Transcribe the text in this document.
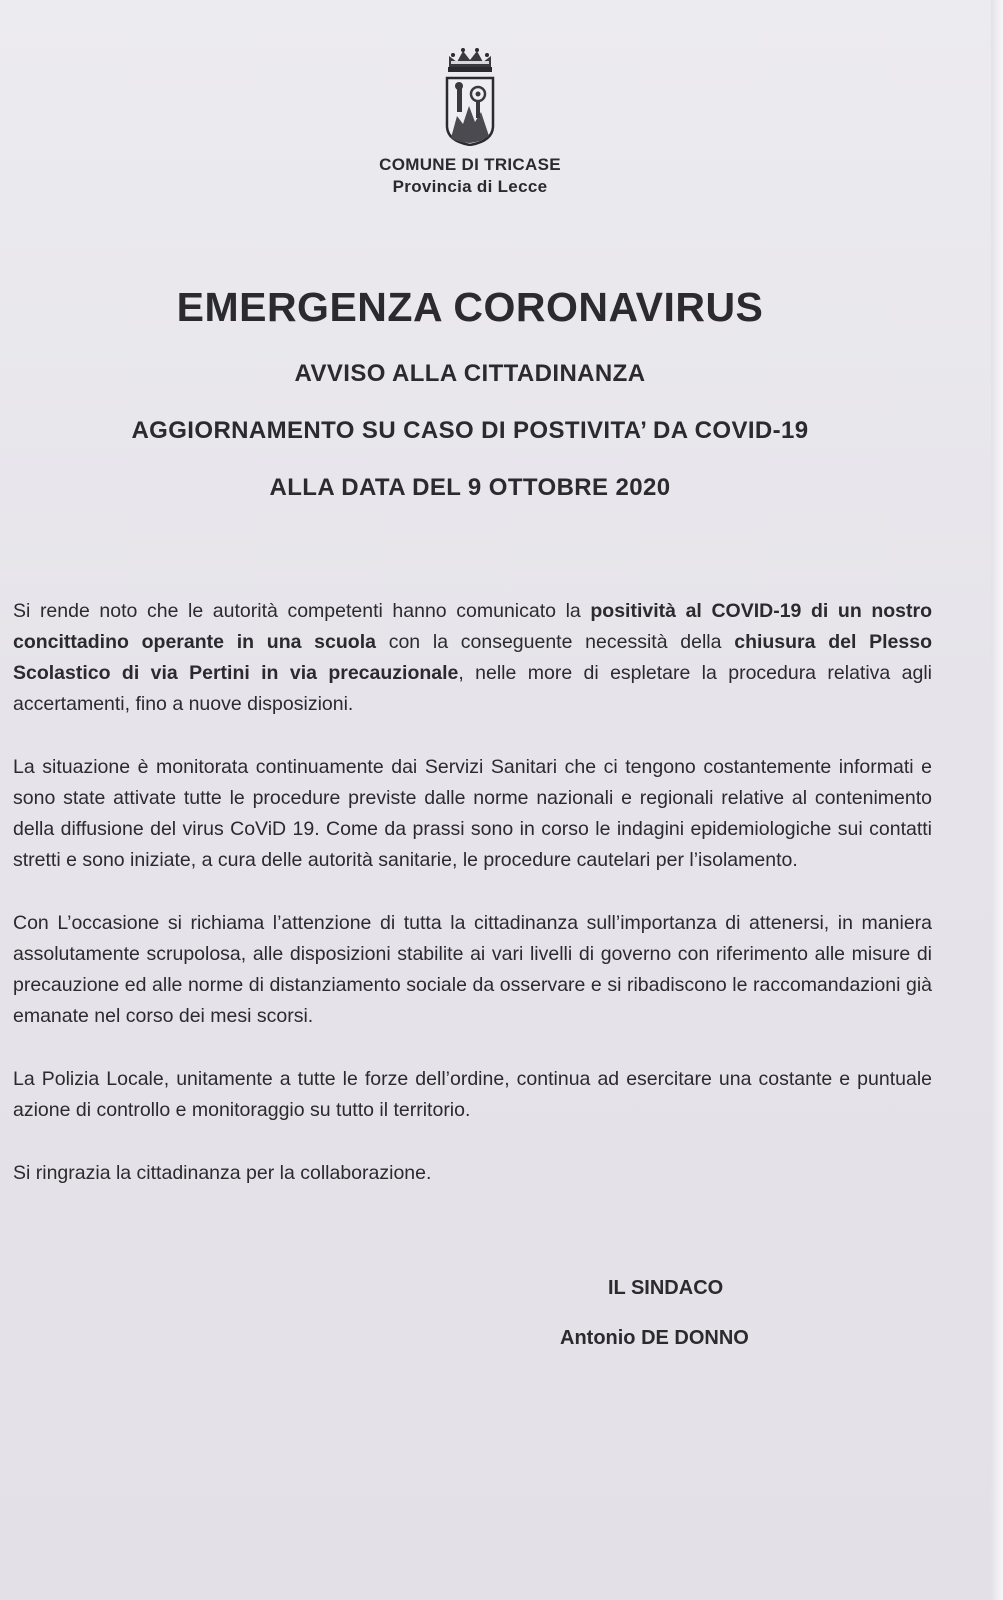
COMUNE DI TRICASE
Provincia di Lecce
EMERGENZA CORONAVIRUS
AVVISO ALLA CITTADINANZA
AGGIORNAMENTO SU CASO DI POSTIVITA’ DA COVID-19
ALLA DATA DEL 9 OTTOBRE 2020

Si rende noto che le autorità competenti hanno comunicato la positività al COVID-19 di un nostro concittadino operante in una scuola con la conseguente necessità della chiusura del Plesso Scolastico di via Pertini in via precauzionale, nelle more di espletare la procedura relativa agli accertamenti, fino a nuove disposizioni.

La situazione è monitorata continuamente dai Servizi Sanitari che ci tengono costantemente informati e sono state attivate tutte le procedure previste dalle norme nazionali e regionali relative al contenimento della diffusione del virus CoViD 19. Come da prassi sono in corso le indagini epidemiologiche sui contatti stretti e sono iniziate, a cura delle autorità sanitarie, le procedure cautelari per l’isolamento.

Con L’occasione si richiama l’attenzione di tutta la cittadinanza sull’importanza di attenersi, in maniera assolutamente scrupolosa, alle disposizioni stabilite ai vari livelli di governo con riferimento alle misure di precauzione ed alle norme di distanziamento sociale da osservare e si ribadiscono le raccomandazioni già emanate nel corso dei mesi scorsi.

La Polizia Locale, unitamente a tutte le forze dell’ordine, continua ad esercitare una costante e puntuale azione di controllo e monitoraggio su tutto il territorio.

Si ringrazia la cittadinanza per la collaborazione.

IL SINDACO
Antonio DE DONNO
